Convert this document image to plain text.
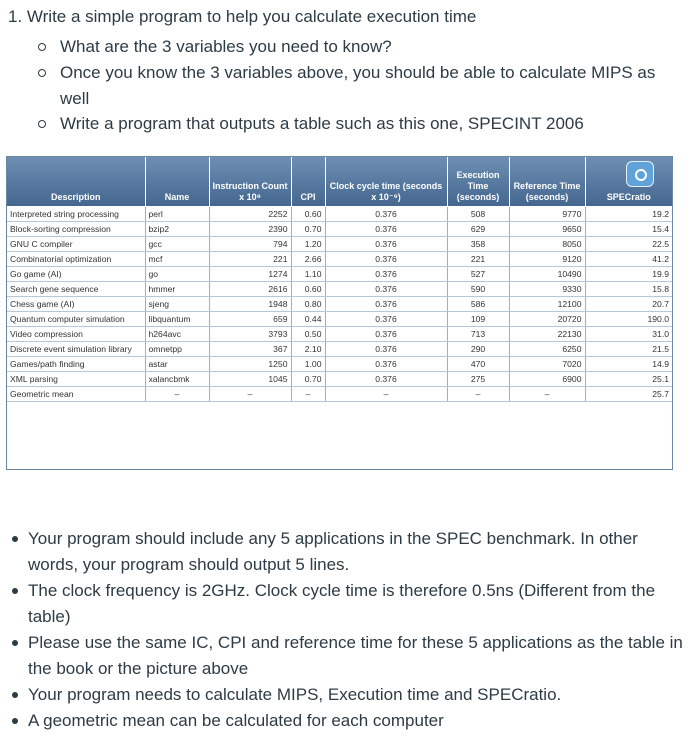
1. Write a simple program to help you calculate execution time
What are the 3 variables you need to know?
Once you know the 3 variables above, you should be able to calculate MIPS as well
Write a program that outputs a table such as this one, SPECINT 2006
Description	Name	Instruction Count x 10⁹	CPI	Clock cycle time (seconds x 10⁻⁹)	Execution Time (seconds)	Reference Time (seconds)	SPECratio
Interpreted string processing	perl	2252	0.60	0.376	508	9770	19.2
Block-sorting compression	bzip2	2390	0.70	0.376	629	9650	15.4
GNU C compiler	gcc	794	1.20	0.376	358	8050	22.5
Combinatorial optimization	mcf	221	2.66	0.376	221	9120	41.2
Go game (AI)	go	1274	1.10	0.376	527	10490	19.9
Search gene sequence	hmmer	2616	0.60	0.376	590	9330	15.8
Chess game (AI)	sjeng	1948	0.80	0.376	586	12100	20.7
Quantum computer simulation	libquantum	659	0.44	0.376	109	20720	190.0
Video compression	h264avc	3793	0.50	0.376	713	22130	31.0
Discrete event simulation library	omnetpp	367	2.10	0.376	290	6250	21.5
Games/path finding	astar	1250	1.00	0.376	470	7020	14.9
XML parsing	xalancbmk	1045	0.70	0.376	275	6900	25.1
Geometric mean	–	–	–	–	–	–	25.7
Your program should include any 5 applications in the SPEC benchmark. In other words, your program should output 5 lines.
The clock frequency is 2GHz. Clock cycle time is therefore 0.5ns (Different from the table)
Please use the same IC, CPI and reference time for these 5 applications as the table in the book or the picture above
Your program needs to calculate MIPS, Execution time and SPECratio.
A geometric mean can be calculated for each computer
